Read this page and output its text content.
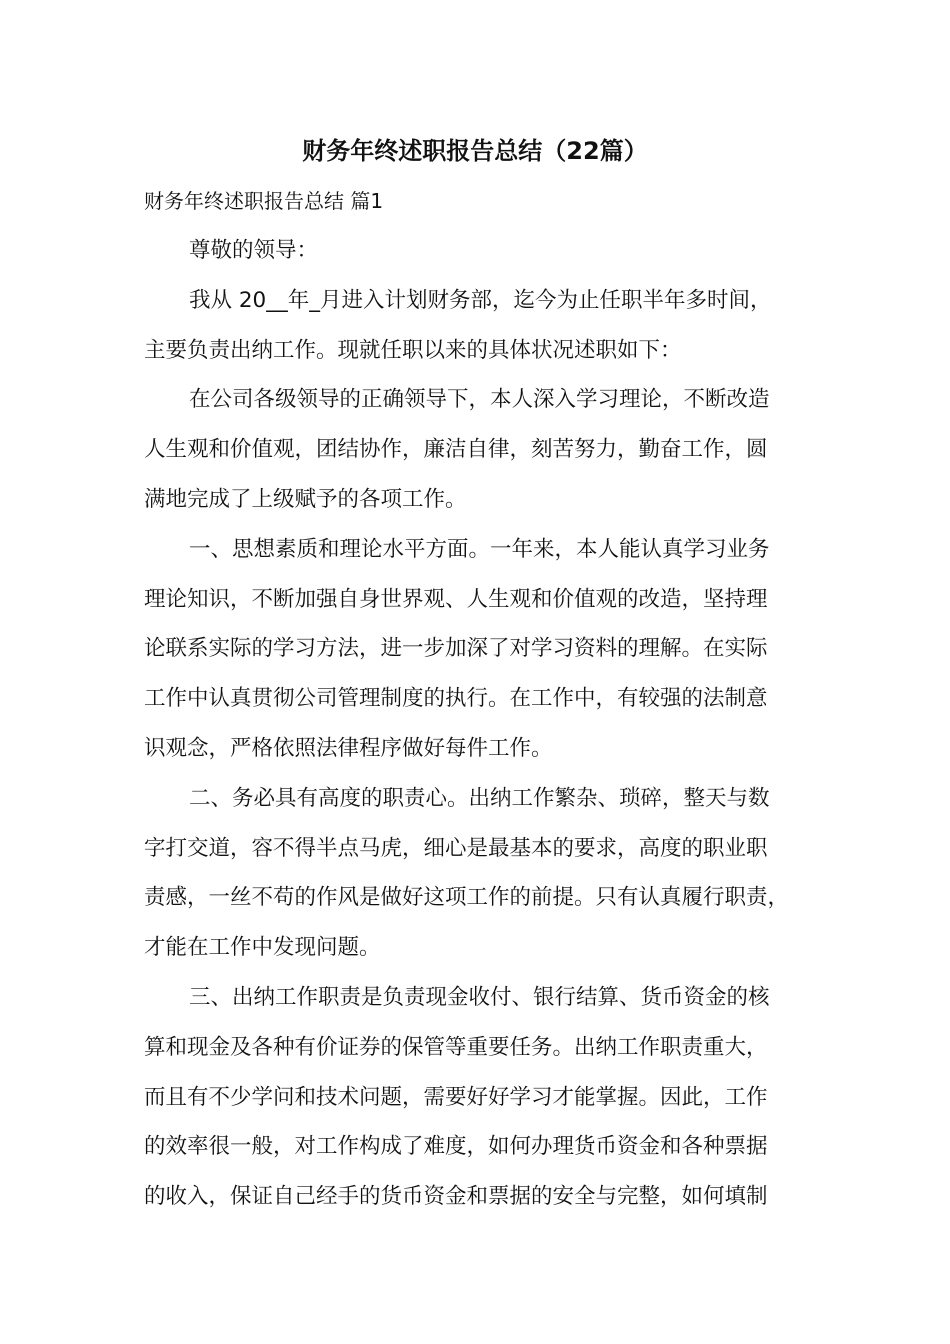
财务年终述职报告总结（22篇）
财务年终述职报告总结 篇1
尊敬的领导：
我从 20__年_月进入计划财务部，迄今为止任职半年多时间，
主要负责出纳工作。现就任职以来的具体状况述职如下：
在公司各级领导的正确领导下，本人深入学习理论，不断改造
人生观和价值观，团结协作，廉洁自律，刻苦努力，勤奋工作，圆
满地完成了上级赋予的各项工作。
一、思想素质和理论水平方面。一年来，本人能认真学习业务
理论知识，不断加强自身世界观、人生观和价值观的改造，坚持理
论联系实际的学习方法，进一步加深了对学习资料的理解。在实际
工作中认真贯彻公司管理制度的执行。在工作中，有较强的法制意
识观念，严格依照法律程序做好每件工作。
二、务必具有高度的职责心。出纳工作繁杂、琐碎，整天与数
字打交道，容不得半点马虎，细心是最基本的要求，高度的职业职
责感，一丝不苟的作风是做好这项工作的前提。只有认真履行职责，
才能在工作中发现问题。
三、出纳工作职责是负责现金收付、银行结算、货币资金的核
算和现金及各种有价证券的保管等重要任务。出纳工作职责重大，
而且有不少学问和技术问题，需要好好学习才能掌握。因此，工作
的效率很一般，对工作构成了难度，如何办理货币资金和各种票据
的收入，保证自己经手的货币资金和票据的安全与完整，如何填制
